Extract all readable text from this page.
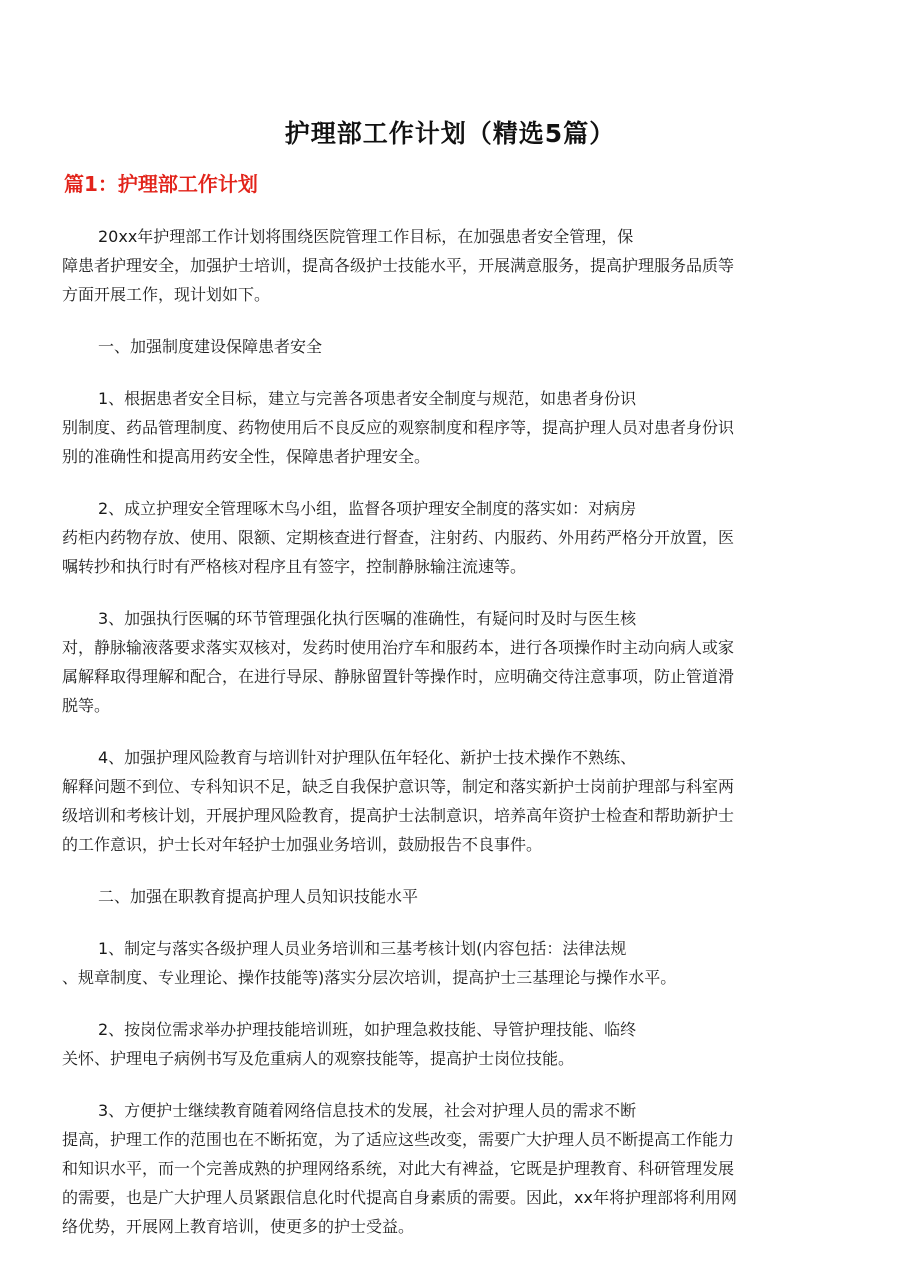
护理部工作计划（精选5篇）
篇1：护理部工作计划
20xx年护理部工作计划将围绕医院管理工作目标，在加强患者安全管理，保
障患者护理安全，加强护士培训，提高各级护士技能水平，开展满意服务，提高护理服务品质等
方面开展工作，现计划如下。
一、加强制度建设保障患者安全
1、根据患者安全目标，建立与完善各项患者安全制度与规范，如患者身份识
别制度、药品管理制度、药物使用后不良反应的观察制度和程序等，提高护理人员对患者身份识
别的准确性和提高用药安全性，保障患者护理安全。
2、成立护理安全管理啄木鸟小组，监督各项护理安全制度的落实如：对病房
药柜内药物存放、使用、限额、定期核查进行督查，注射药、内服药、外用药严格分开放置，医
嘱转抄和执行时有严格核对程序且有签字，控制静脉输注流速等。
3、加强执行医嘱的环节管理强化执行医嘱的准确性，有疑问时及时与医生核
对，静脉输液落要求落实双核对，发药时使用治疗车和服药本，进行各项操作时主动向病人或家
属解释取得理解和配合，在进行导尿、静脉留置针等操作时，应明确交待注意事项，防止管道滑
脱等。
4、加强护理风险教育与培训针对护理队伍年轻化、新护士技术操作不熟练、
解释问题不到位、专科知识不足，缺乏自我保护意识等，制定和落实新护士岗前护理部与科室两
级培训和考核计划，开展护理风险教育，提高护士法制意识，培养高年资护士检查和帮助新护士
的工作意识，护士长对年轻护士加强业务培训，鼓励报告不良事件。
二、加强在职教育提高护理人员知识技能水平
1、制定与落实各级护理人员业务培训和三基考核计划(内容包括：法律法规
、规章制度、专业理论、操作技能等)落实分层次培训，提高护士三基理论与操作水平。
2、按岗位需求举办护理技能培训班，如护理急救技能、导管护理技能、临终
关怀、护理电子病例书写及危重病人的观察技能等，提高护士岗位技能。
3、方便护士继续教育随着网络信息技术的发展，社会对护理人员的需求不断
提高，护理工作的范围也在不断拓宽，为了适应这些改变，需要广大护理人员不断提高工作能力
和知识水平，而一个完善成熟的护理网络系统，对此大有裨益，它既是护理教育、科研管理发展
的需要，也是广大护理人员紧跟信息化时代提高自身素质的需要。因此，xx年将护理部将利用网
络优势，开展网上教育培训，使更多的护士受益。
